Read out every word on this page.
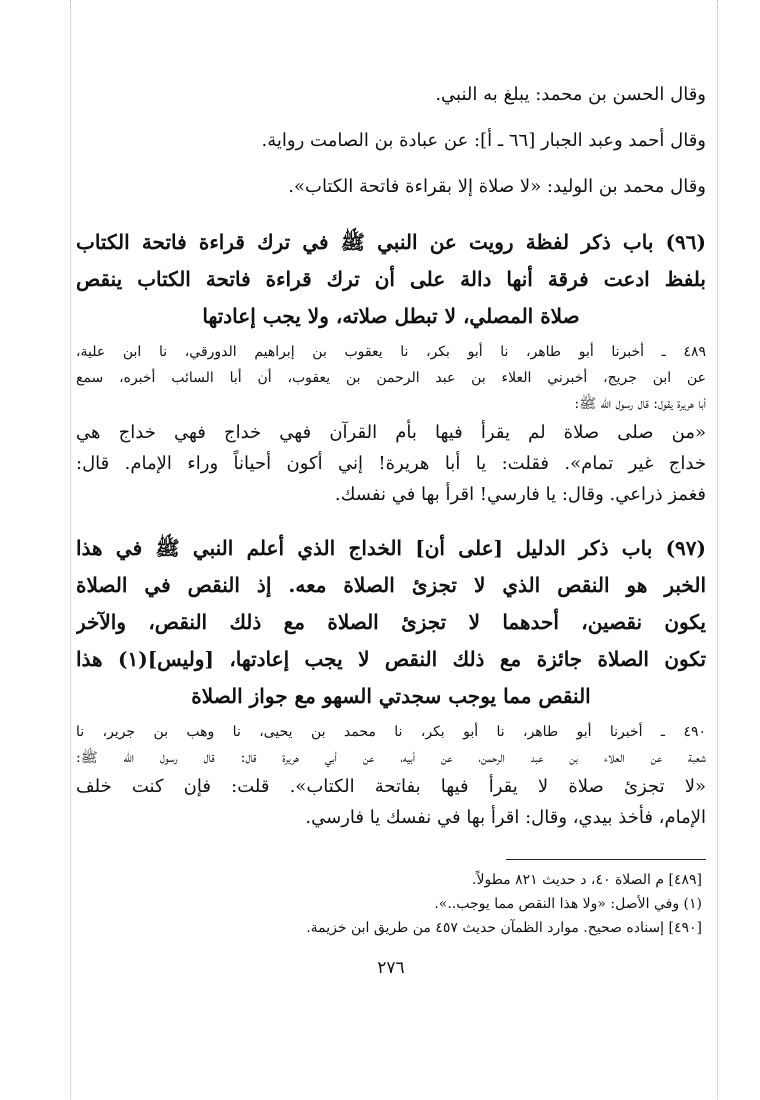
وقال الحسن بن محمد: يبلغ به النبي.
وقال أحمد وعبد الجبار [٦٦ ـ أ]: عن عبادة بن الصامت رواية.
وقال محمد بن الوليد: «لا صلاة إلا بقراءة فاتحة الكتاب».
(٩٦) باب ذكر لفظة رويت عن النبي ﷺ في ترك قراءة فاتحة الكتاب
بلفظ ادعت فرقة أنها دالة على أن ترك قراءة فاتحة الكتاب ينقص
صلاة المصلي، لا تبطل صلاته، ولا يجب إعادتها
٤٨٩ ـ أخبرنا أبو طاهر، نا أبو بكر، نا يعقوب بن إبراهيم الدورقي، نا ابن علية،
عن ابن جريج، أخبرني العلاء بن عبد الرحمن بن يعقوب، أن أبا السائب أخبره، سمع
أبا هريرة يقول: قال رسول الله ﷺ:
«من صلى صلاة لم يقرأ فيها بأم القرآن فهي خداج فهي خداج هي
خداج غير تمام». فقلت: يا أبا هريرة! إني أكون أحياناً وراء الإمام. قال:
فغمز ذراعي. وقال: يا فارسي! اقرأ بها في نفسك.
(٩٧) باب ذكر الدليل [على أن] الخداج الذي أعلم النبي ﷺ في هذا
الخبر هو النقص الذي لا تجزئ الصلاة معه. إذ النقص في الصلاة
يكون نقصين، أحدهما لا تجزئ الصلاة مع ذلك النقص، والآخر
تكون الصلاة جائزة مع ذلك النقص لا يجب إعادتها، [وليس](١) هذا
النقص مما يوجب سجدتي السهو مع جواز الصلاة
٤٩٠ ـ أخبرنا أبو طاهر، نا أبو بكر، نا محمد بن يحيى، نا وهب بن جرير، نا
شعبة عن العلاء بن عبد الرحمن، عن أبيه، عن أبي هريرة قال: قال رسول الله ﷺ:
«لا تجزئ صلاة لا يقرأ فيها بفاتحة الكتاب». قلت: فإن كنت خلف
الإمام، فأخذ بيدي، وقال: اقرأ بها في نفسك يا فارسي.
[٤٨٩] م الصلاة ٤٠، د حديث ٨٢١ مطولاً.
(١) وفي الأصل: «ولا هذا النقص مما يوجب..».
[٤٩٠] إسناده صحيح. موارد الظمآن حديث ٤٥٧ من طريق ابن خزيمة.
٢٧٦
